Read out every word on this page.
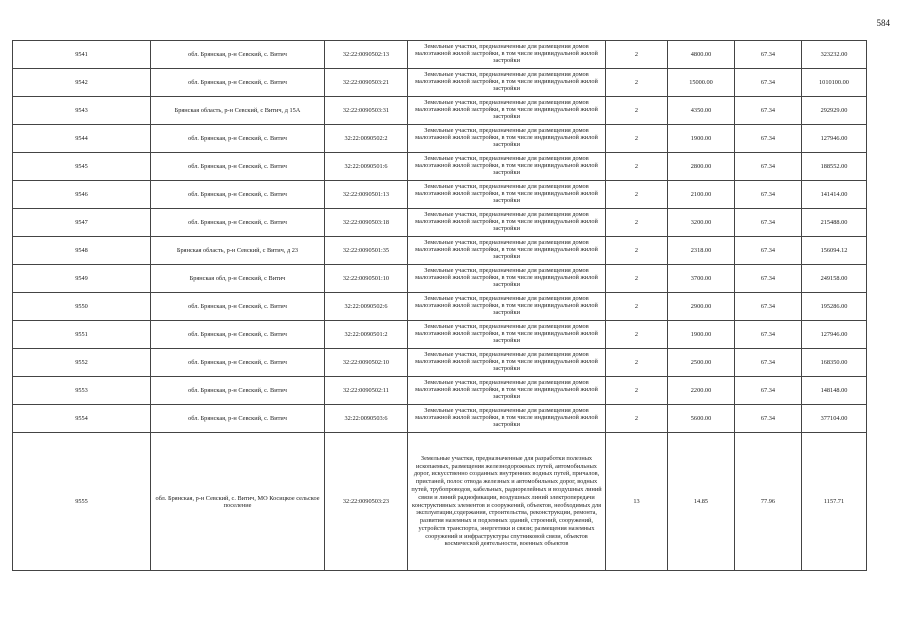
584
9541	обл. Брянская, р-н Севский, с. Витич	32:22:0090502:13	Земельные участки, предназначенные для размещения домов малоэтажной жилой застройки, в том числе индивидуальной жилой застройки	2	4800.00	67.34	323232.00
9542	обл. Брянская, р-н Севский, с. Витич	32:22:0090503:21	Земельные участки, предназначенные для размещения домов малоэтажной жилой застройки, в том числе индивидуальной жилой застройки	2	15000.00	67.34	1010100.00
9543	Брянская область, р-н Севский, с Витич, д 15А	32:22:0090503:31	Земельные участки, предназначенные для размещения домов малоэтажной жилой застройки, в том числе индивидуальной жилой застройки	2	4350.00	67.34	292929.00
9544	обл. Брянская, р-н Севский, с. Витич	32:22:0090502:2	Земельные участки, предназначенные для размещения домов малоэтажной жилой застройки, в том числе индивидуальной жилой застройки	2	1900.00	67.34	127946.00
9545	обл. Брянская, р-н Севский, с. Витич	32:22:0090501:6	Земельные участки, предназначенные для размещения домов малоэтажной жилой застройки, в том числе индивидуальной жилой застройки	2	2800.00	67.34	188552.00
9546	обл. Брянская, р-н Севский, с. Витич	32:22:0090501:13	Земельные участки, предназначенные для размещения домов малоэтажной жилой застройки, в том числе индивидуальной жилой застройки	2	2100.00	67.34	141414.00
9547	обл. Брянская, р-н Севский, с. Витич	32:22:0090503:18	Земельные участки, предназначенные для размещения домов малоэтажной жилой застройки, в том числе индивидуальной жилой застройки	2	3200.00	67.34	215488.00
9548	Брянская область, р-н Севский, с Витич, д 23	32:22:0090501:35	Земельные участки, предназначенные для размещения домов малоэтажной жилой застройки, в том числе индивидуальной жилой застройки	2	2318.00	67.34	156094.12
9549	Брянская обл, р-н Севский, с Витич	32:22:0090501:10	Земельные участки, предназначенные для размещения домов малоэтажной жилой застройки, в том числе индивидуальной жилой застройки	2	3700.00	67.34	249158.00
9550	обл. Брянская, р-н Севский, с. Витич	32:22:0090502:6	Земельные участки, предназначенные для размещения домов малоэтажной жилой застройки, в том числе индивидуальной жилой застройки	2	2900.00	67.34	195286.00
9551	обл. Брянская, р-н Севский, с. Витич	32:22:0090501:2	Земельные участки, предназначенные для размещения домов малоэтажной жилой застройки, в том числе индивидуальной жилой застройки	2	1900.00	67.34	127946.00
9552	обл. Брянская, р-н Севский, с. Витич	32:22:0090502:10	Земельные участки, предназначенные для размещения домов малоэтажной жилой застройки, в том числе индивидуальной жилой застройки	2	2500.00	67.34	168350.00
9553	обл. Брянская, р-н Севский, с. Витич	32:22:0090502:11	Земельные участки, предназначенные для размещения домов малоэтажной жилой застройки, в том числе индивидуальной жилой застройки	2	2200.00	67.34	148148.00
9554	обл. Брянская, р-н Севский, с. Витич	32:22:0090503:6	Земельные участки, предназначенные для размещения домов малоэтажной жилой застройки, в том числе индивидуальной жилой застройки	2	5600.00	67.34	377104.00
9555	обл. Брянская, р-н Севский, с. Витич, МО Косицкое сельское поселение	32:22:0090503:23	Земельные участки, предназначенные для разработки полезных ископаемых, размещения железнодорожных путей, автомобильных дорог, искусственно созданных внутренних водных путей, причалов, пристаней, полос отвода железных и автомобильных дорог, водных путей, трубопроводов, кабельных, радиорелейных и воздушных линий связи и линий радиофикации, воздушных линий электропередачи конструктивных элементов и сооружений, объектов, необходимых для эксплуатации,содержания, строительства, реконструкции, ремонта, развития наземных и подземных зданий, строений, сооружений, устройств транспорта, энергетики и связи; размещения наземных сооружений и инфраструктуры спутниковой связи, объектов космической деятельности, военных объектов	13	14.85	77.96	1157.71
